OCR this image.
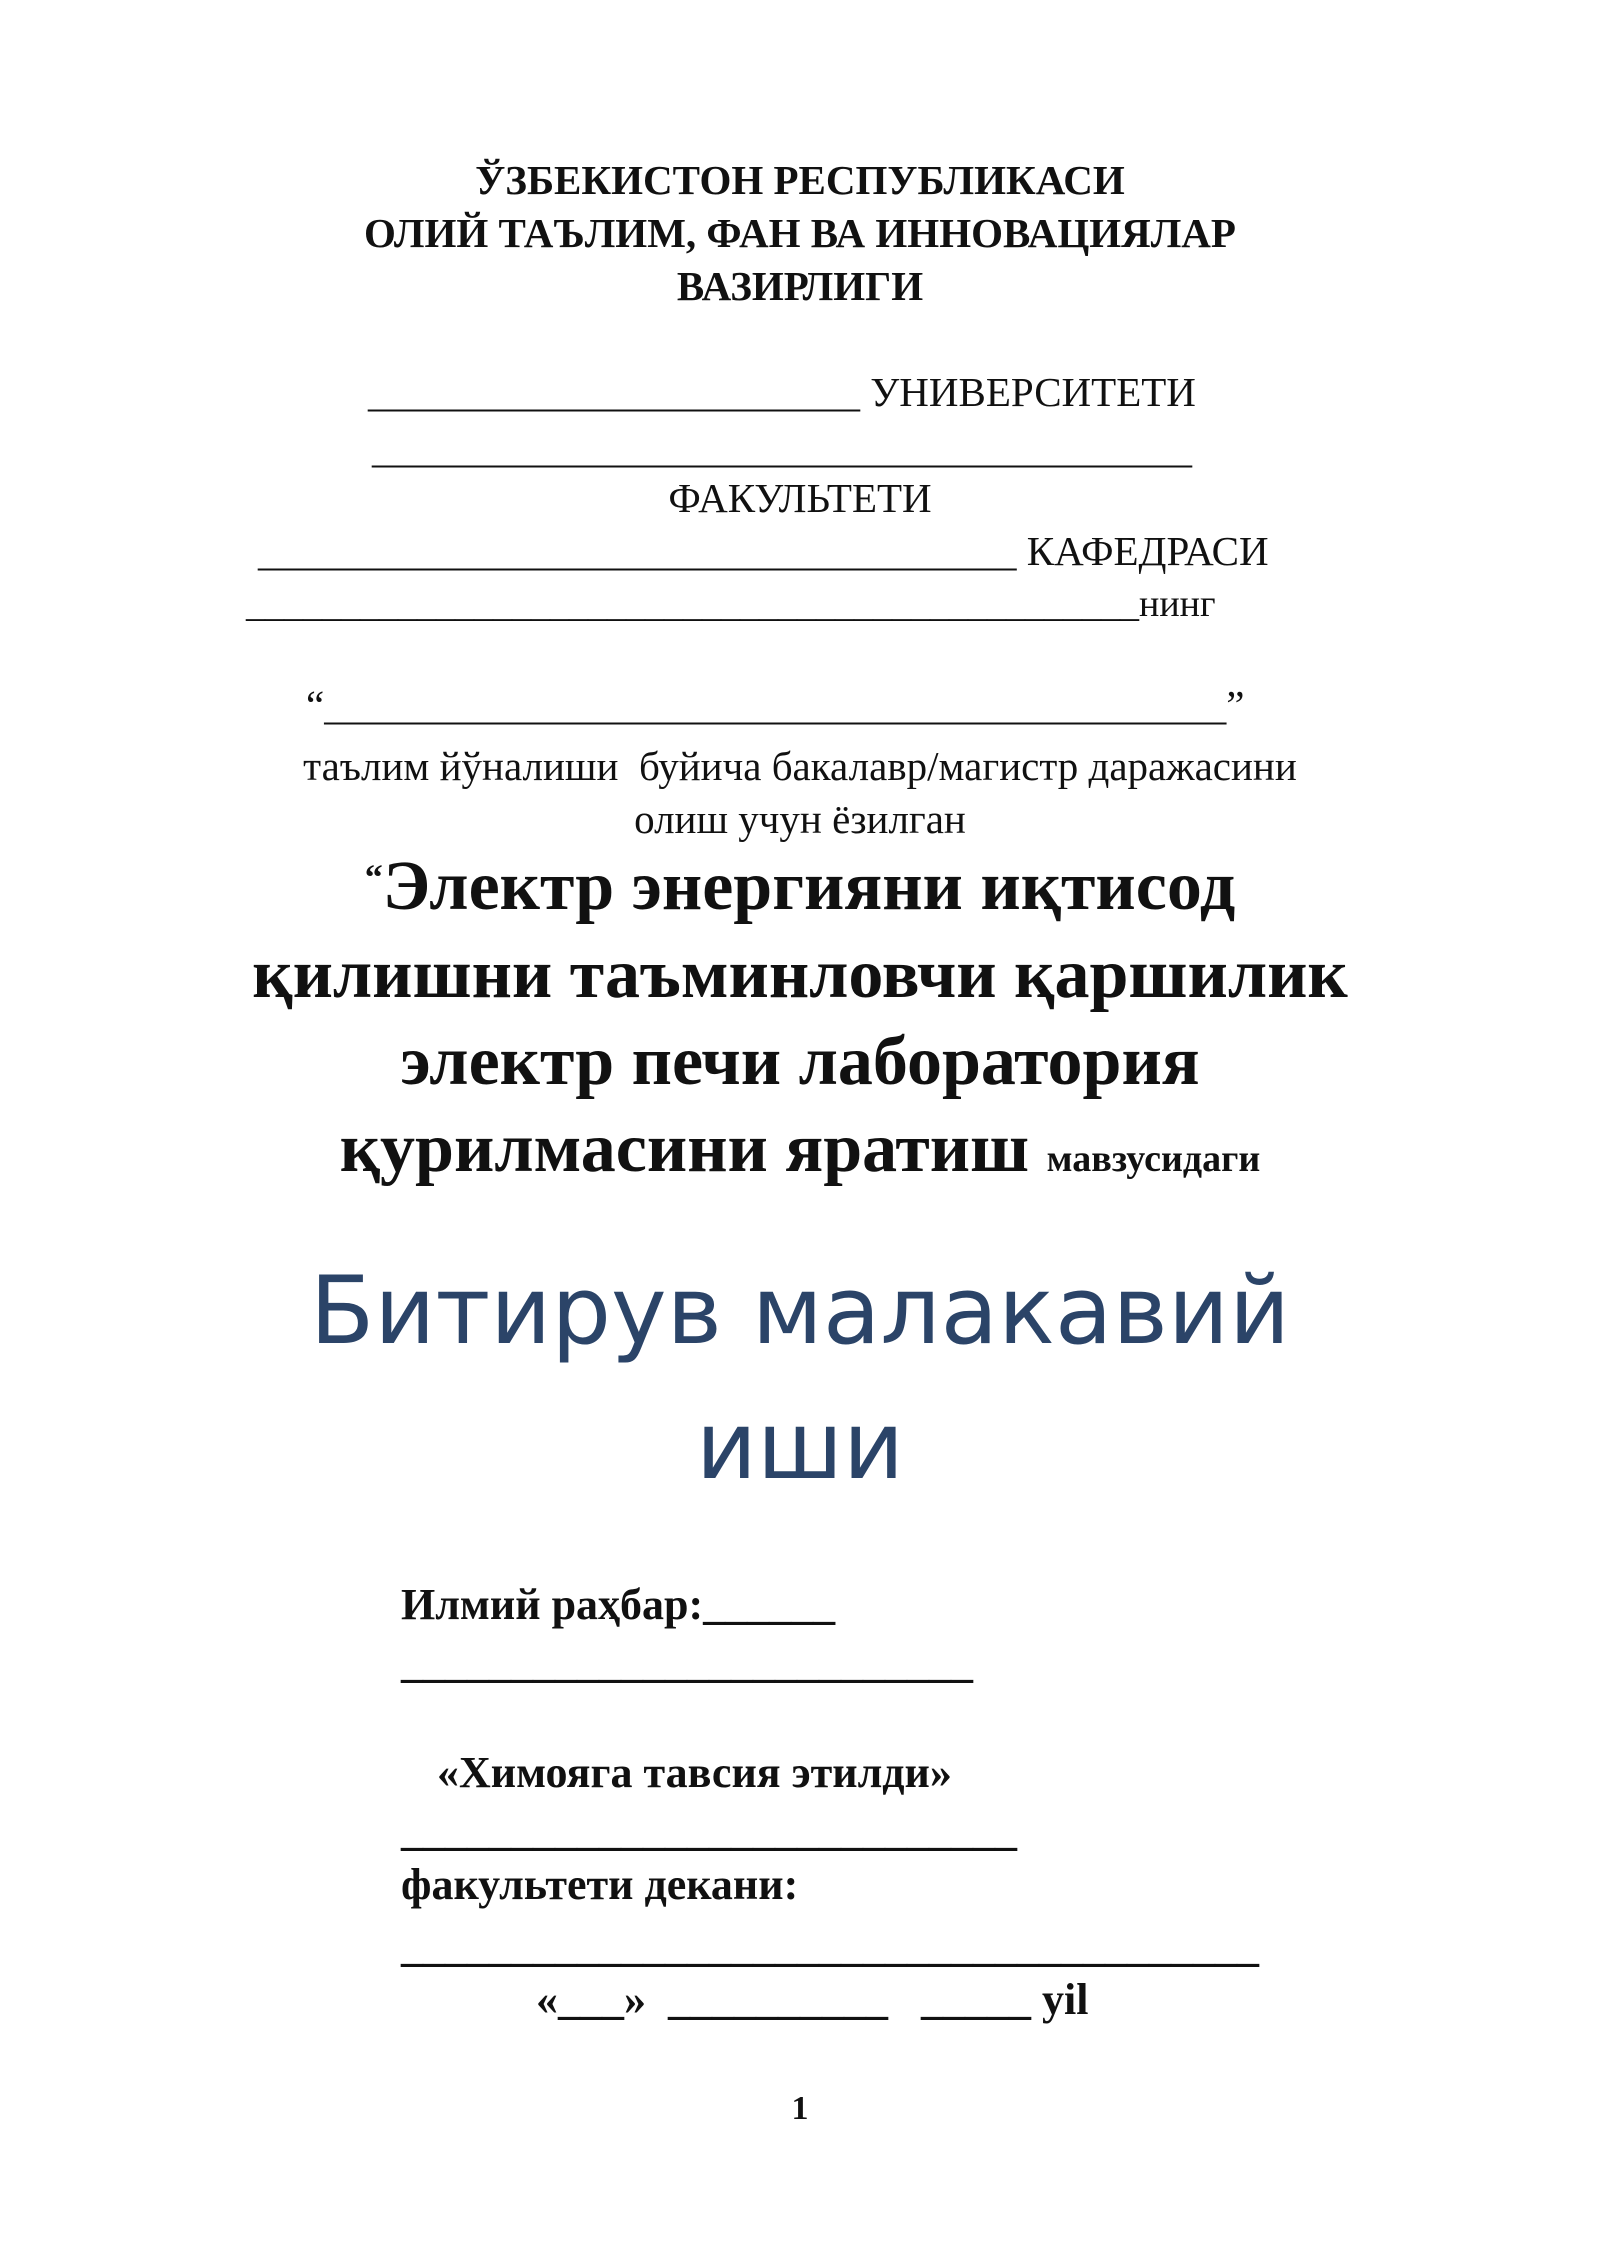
ЎЗБЕКИСТОН РЕСПУБЛИКАСИ
ОЛИЙ ТАЪЛИМ, ФАН ВА ИННОВАЦИЯЛАР
ВАЗИРЛИГИ
________________________ УНИВЕРСИТЕТИ
________________________________________
ФАКУЛЬТЕТИ
_____________________________________ КАФЕДРАСИ
_______________________________________________нинг
“____________________________________________”
таълим йўналиши  буйича бакалавр/магистр даражасини
олиш учун ёзилган
“Электр энергияни иқтисод
қилишни таъминловчи қаршилик
электр печи лаборатория
қурилмасини яратиш мавзусидаги
Битирув малакавий
иши
Илмий раҳбар:______
__________________________
«Химояга тавсия этилди»
____________________________
факультети декани:
_______________________________________
«___» __________ _____ yil
1
